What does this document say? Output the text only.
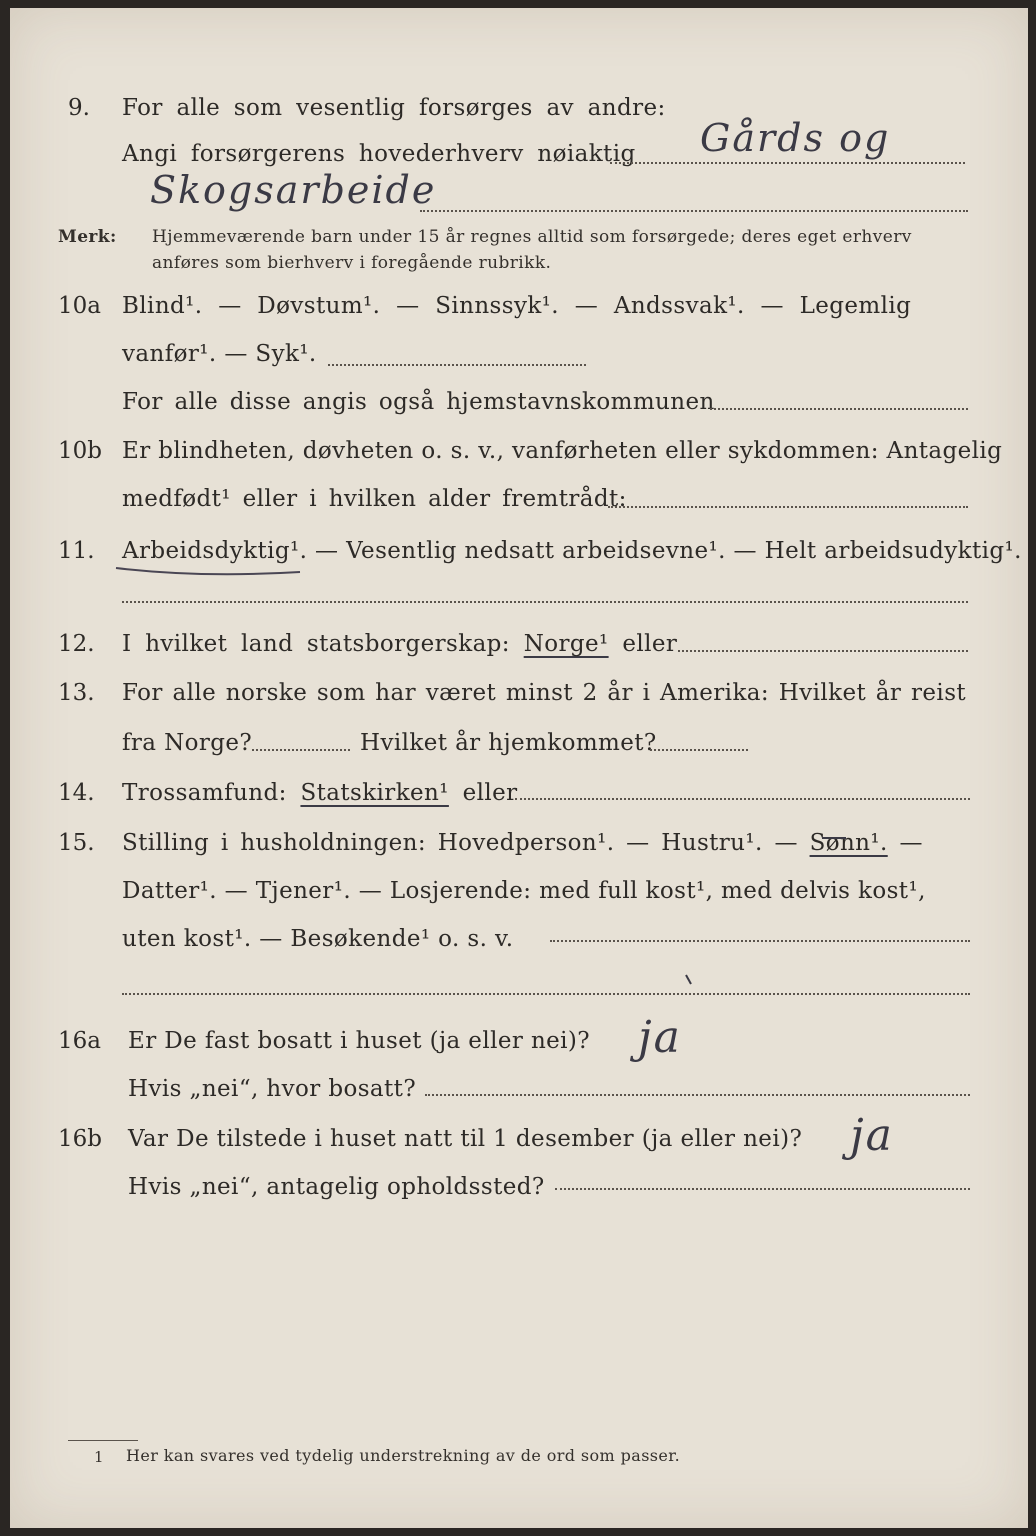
9. For alle som vesentlig forsørges av andre:
Angi forsørgerens hovederhverv nøiaktig Gårds og
Skogsarbeide
Merk: Hjemmeværende barn under 15 år regnes alltid som forsørgede; deres eget erhverv
anføres som bierhverv i foregående rubrikk.
10a Blind¹. — Døvstum¹. — Sinnssyk¹. — Andssvak¹. — Legemlig
vanfør¹. — Syk¹.
For alle disse angis også hjemstavnskommunen
10b Er blindheten, døvheten o. s. v., vanførheten eller sykdommen: Antagelig
medfødt¹ eller i hvilken alder fremtrådt:
11. Arbeidsdyktig¹. — Vesentlig nedsatt arbeidsevne¹. — Helt arbeidsudyktig¹.
12. I hvilket land statsborgerskap: Norge¹ eller
13. For alle norske som har været minst 2 år i Amerika: Hvilket år reist
fra Norge?	Hvilket år hjemkommet?
14. Trossamfund: Statskirken¹ eller
15. Stilling i husholdningen: Hovedperson¹. — Hustru¹. — Sønn¹. —
Datter¹. — Tjener¹. — Losjerende: med full kost¹, med delvis kost¹,
uten kost¹. — Besøkende¹ o. s. v.
16a Er De fast bosatt i huset (ja eller nei)? ja
Hvis „nei“, hvor bosatt?
16b Var De tilstede i huset natt til 1 desember (ja eller nei)? ja
Hvis „nei“, antagelig opholdssted?
1 Her kan svares ved tydelig understrekning av de ord som passer.
